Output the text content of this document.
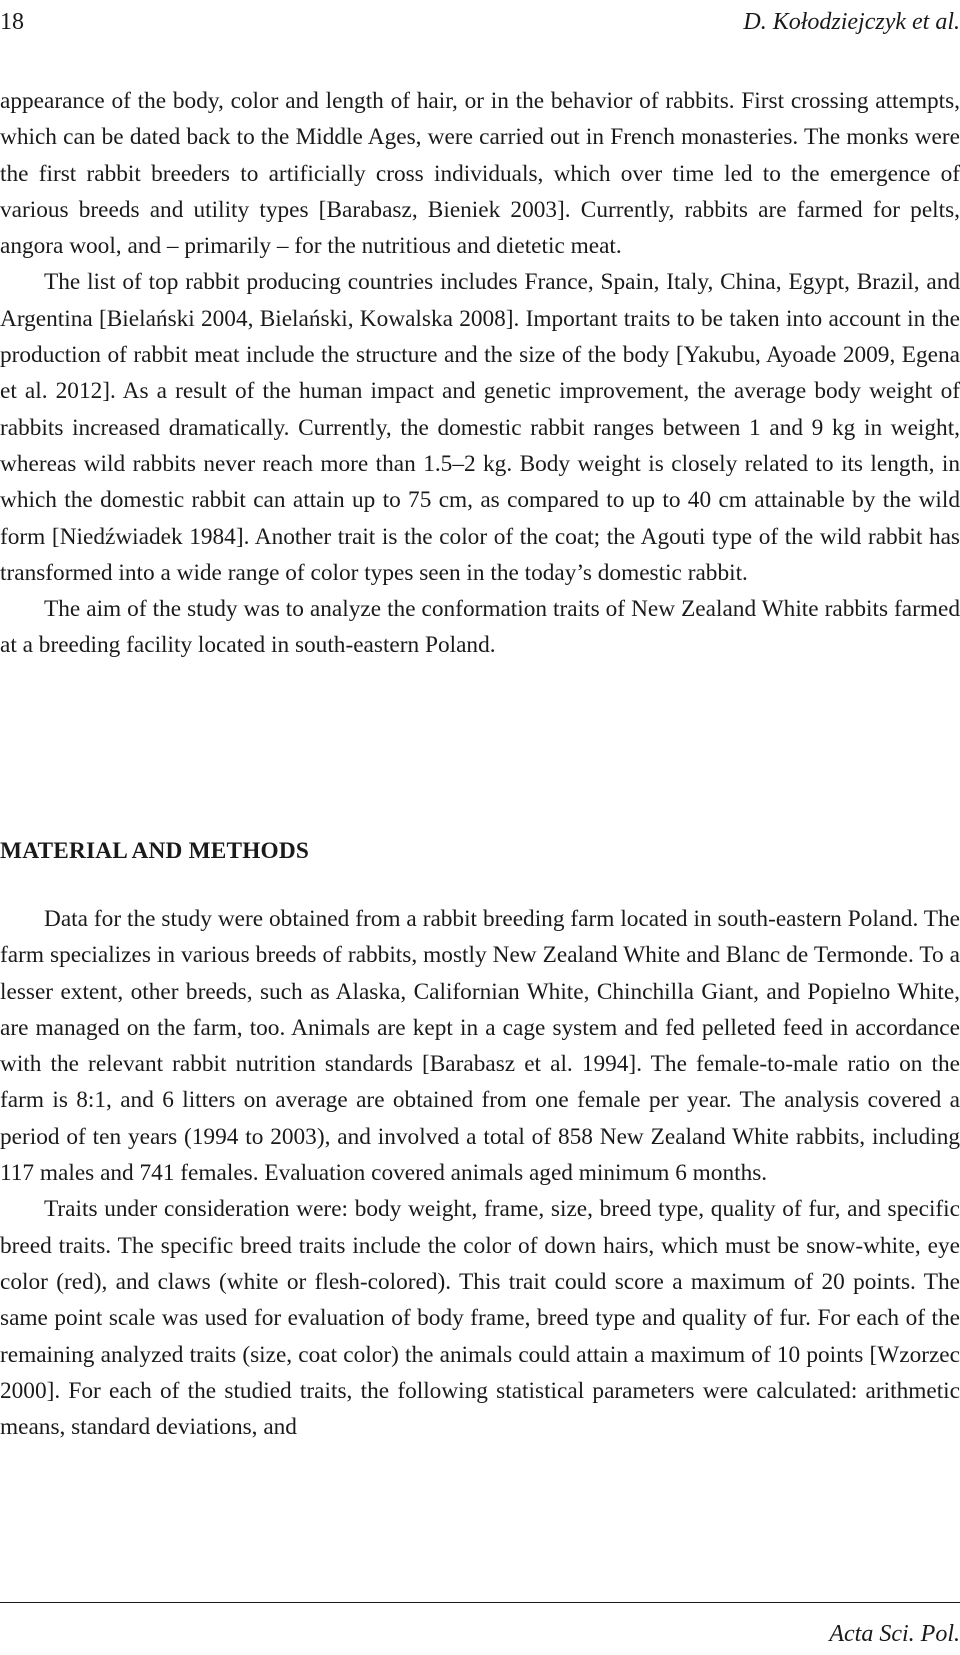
18	D. Kołodziejczyk et al.

appearance of the body, color and length of hair, or in the behavior of rabbits. First crossing attempts, which can be dated back to the Middle Ages, were carried out in French monasteries. The monks were the first rabbit breeders to artificially cross individuals, which over time led to the emergence of various breeds and utility types [Barabasz, Bieniek 2003]. Currently, rabbits are farmed for pelts, angora wool, and – primarily – for the nutritious and dietetic meat.

The list of top rabbit producing countries includes France, Spain, Italy, China, Egypt, Brazil, and Argentina [Bielański 2004, Bielański, Kowalska 2008]. Important traits to be taken into account in the production of rabbit meat include the structure and the size of the body [Yakubu, Ayoade 2009, Egena et al. 2012]. As a result of the human impact and genetic improvement, the average body weight of rabbits increased dramatically. Currently, the domestic rabbit ranges between 1 and 9 kg in weight, whereas wild rabbits never reach more than 1.5–2 kg. Body weight is closely related to its length, in which the domestic rabbit can attain up to 75 cm, as compared to up to 40 cm attainable by the wild form [Niedźwiadek 1984]. Another trait is the color of the coat; the Agouti type of the wild rabbit has transformed into a wide range of color types seen in the today’s domestic rabbit.

The aim of the study was to analyze the conformation traits of New Zealand White rabbits farmed at a breeding facility located in south-eastern Poland.

MATERIAL AND METHODS

Data for the study were obtained from a rabbit breeding farm located in south-eastern Poland. The farm specializes in various breeds of rabbits, mostly New Zealand White and Blanc de Termonde. To a lesser extent, other breeds, such as Alaska, Californian White, Chinchilla Giant, and Popielno White, are managed on the farm, too. Animals are kept in a cage system and fed pelleted feed in accordance with the relevant rabbit nutrition standards [Barabasz et al. 1994]. The female-to-male ratio on the farm is 8:1, and 6 litters on average are obtained from one female per year. The analysis covered a period of ten years (1994 to 2003), and involved a total of 858 New Zealand White rabbits, including 117 males and 741 females. Evaluation covered animals aged minimum 6 months.

Traits under consideration were: body weight, frame, size, breed type, quality of fur, and specific breed traits. The specific breed traits include the color of down hairs, which must be snow-white, eye color (red), and claws (white or flesh-colored). This trait could score a maximum of 20 points. The same point scale was used for evaluation of body frame, breed type and quality of fur. For each of the remaining analyzed traits (size, coat color) the animals could attain a maximum of 10 points [Wzorzec 2000]. For each of the studied traits, the following statistical parameters were calculated: arithmetic means, standard deviations, and

Acta Sci. Pol.
